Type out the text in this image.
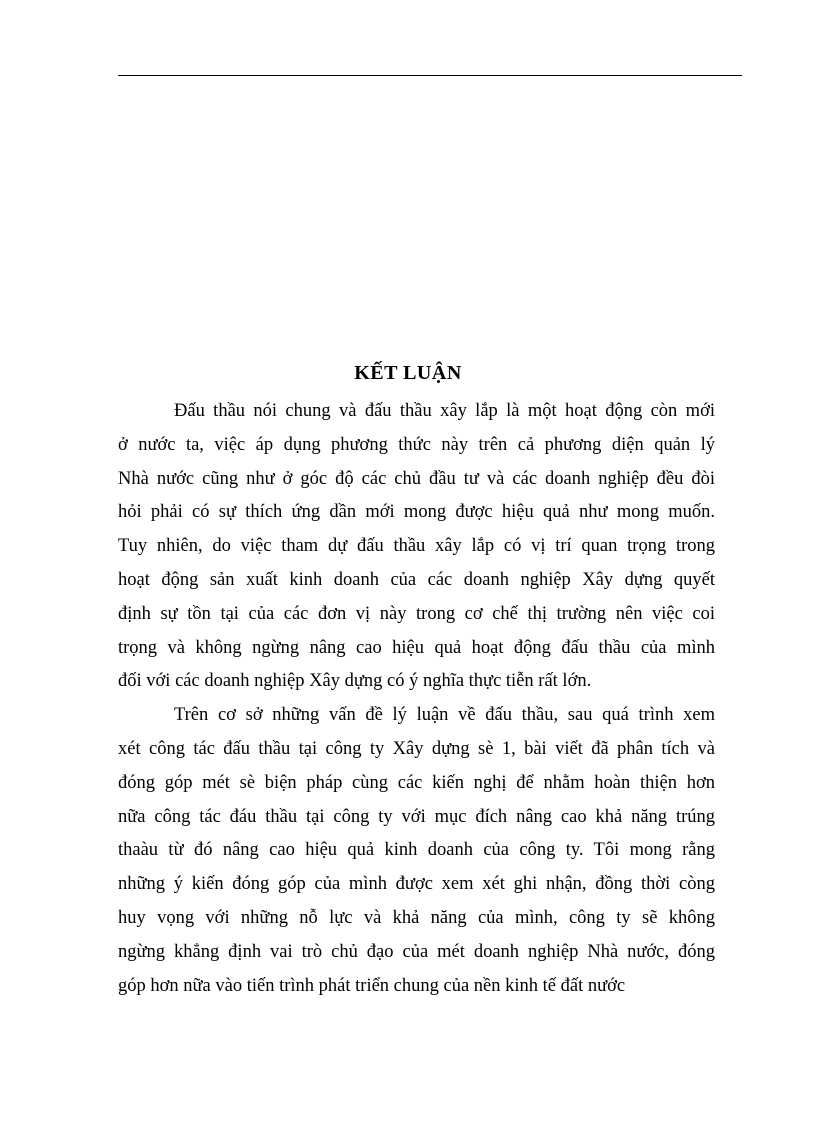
KẾT LUẬN

Đấu thầu nói chung và đấu thầu xây lắp là một hoạt động còn mới
ở nước ta, việc áp dụng phương thức này trên cả phương diện quản lý
Nhà nước cũng như ở góc độ các chủ đầu tư và các doanh nghiệp đều đòi
hỏi phải có sự thích ứng dần mới mong được hiệu quả như mong muốn.
Tuy nhiên, do việc tham dự đấu thầu xây lắp có vị trí quan trọng trong
hoạt động sản xuất kinh doanh của các doanh nghiệp Xây dựng quyết
định sự tồn tại của các đơn vị này trong cơ chế thị trường nên việc coi
trọng và không ngừng nâng cao hiệu quả hoạt động đấu thầu của mình
đối với các doanh nghiệp Xây dựng có ý nghĩa thực tiễn rất lớn.

Trên cơ sở những vấn đề lý luận về đấu thầu, sau quá trình xem
xét công tác đấu thầu tại công ty Xây dựng sè 1, bài viết đã phân tích và
đóng góp mét sè biện pháp cùng các kiến nghị để nhằm hoàn thiện hơn
nữa công tác đáu thầu tại công ty với mục đích nâng cao khả năng trúng
thaàu từ đó nâng cao hiệu quả kinh doanh của công ty. Tôi mong rằng
những ý kiến đóng góp của mình được xem xét ghi nhận, đồng thời còng
huy vọng với những nỗ lực và khả năng của mình, công ty sẽ không
ngừng khẳng định vai trò chủ đạo của mét doanh nghiệp Nhà nước, đóng
góp hơn nữa vào tiến trình phát triển chung của nền kinh tế đất nước
